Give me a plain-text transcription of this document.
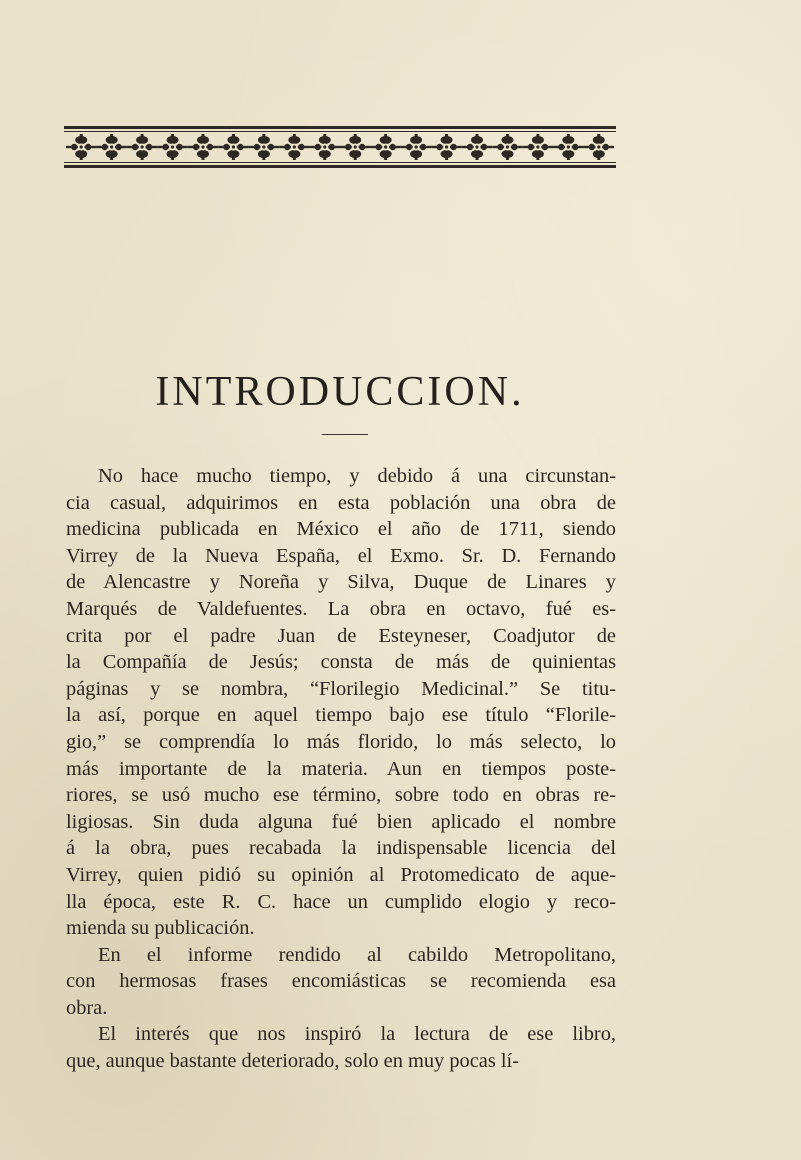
INTRODUCCION.
No hace mucho tiempo, y debido á una circunstan-
cia casual, adquirimos en esta población una obra de
medicina publicada en México el año de 1711, siendo
Virrey de la Nueva España, el Exmo. Sr. D. Fernando
de Alencastre y Noreña y Silva, Duque de Linares y
Marqués de Valdefuentes. La obra en octavo, fué es-
crita por el padre Juan de Esteyneser, Coadjutor de
la Compañía de Jesús; consta de más de quinientas
páginas y se nombra, “Florilegio Medicinal.” Se titu-
la así, porque en aquel tiempo bajo ese título “Florile-
gio,” se comprendía lo más florido, lo más selecto, lo
más importante de la materia. Aun en tiempos poste-
riores, se usó mucho ese término, sobre todo en obras re-
ligiosas. Sin duda alguna fué bien aplicado el nombre
á la obra, pues recabada la indispensable licencia del
Virrey, quien pidió su opinión al Protomedicato de aque-
lla época, este R. C. hace un cumplido elogio y reco-
mienda su publicación.
En el informe rendido al cabildo Metropolitano,
con hermosas frases encomiásticas se recomienda esa
obra.
El interés que nos inspiró la lectura de ese libro,
que, aunque bastante deteriorado, solo en muy pocas lí-
